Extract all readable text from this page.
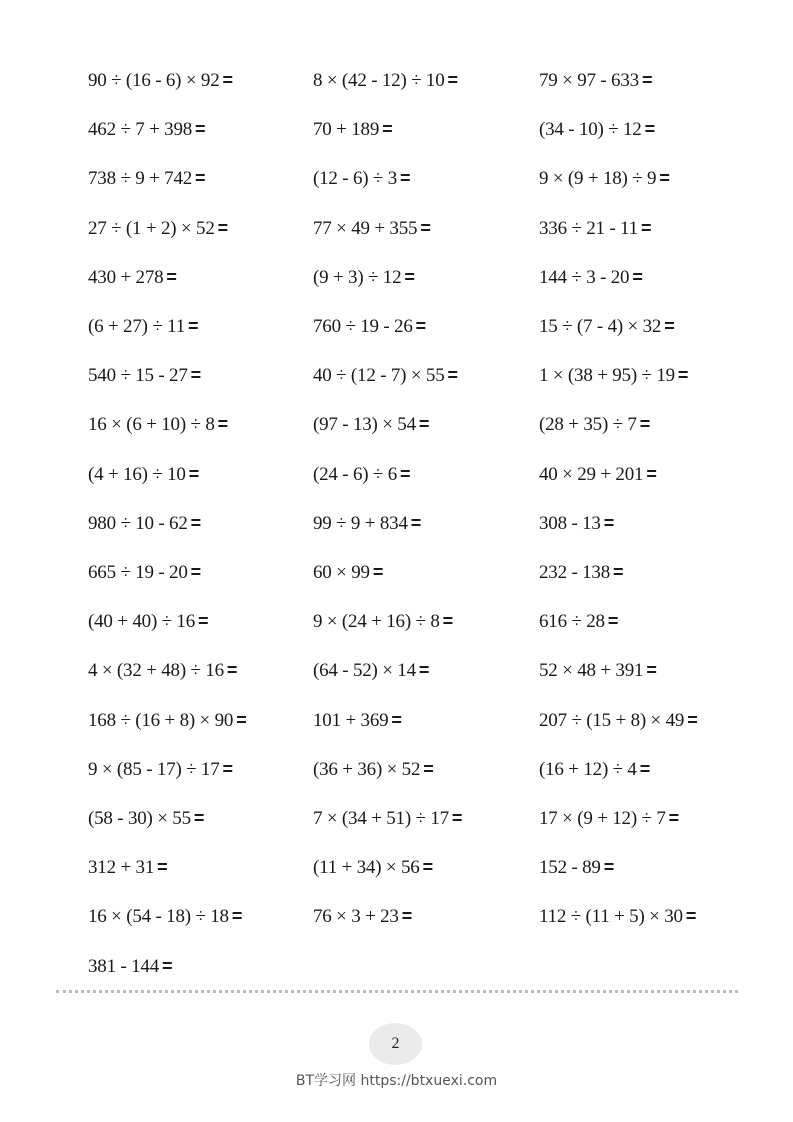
90 ÷ (16 - 6) × 92 =
462 ÷ 7 + 398 =
738 ÷ 9 + 742 =
27 ÷ (1 + 2) × 52 =
430 + 278 =
(6 + 27) ÷ 11 =
540 ÷ 15 - 27 =
16 × (6 + 10) ÷ 8 =
(4 + 16) ÷ 10 =
980 ÷ 10 - 62 =
665 ÷ 19 - 20 =
(40 + 40) ÷ 16 =
4 × (32 + 48) ÷ 16 =
168 ÷ (16 + 8) × 90 =
9 × (85 - 17) ÷ 17 =
(58 - 30) × 55 =
312 + 31 =
16 × (54 - 18) ÷ 18 =
381 - 144 =
8 × (42 - 12) ÷ 10 =
70 + 189 =
(12 - 6) ÷ 3 =
77 × 49 + 355 =
(9 + 3) ÷ 12 =
760 ÷ 19 - 26 =
40 ÷ (12 - 7) × 55 =
(97 - 13) × 54 =
(24 - 6) ÷ 6 =
99 ÷ 9 + 834 =
60 × 99 =
9 × (24 + 16) ÷ 8 =
(64 - 52) × 14 =
101 + 369 =
(36 + 36) × 52 =
7 × (34 + 51) ÷ 17 =
(11 + 34) × 56 =
76 × 3 + 23 =
79 × 97 - 633 =
(34 - 10) ÷ 12 =
9 × (9 + 18) ÷ 9 =
336 ÷ 21 - 11 =
144 ÷ 3 - 20 =
15 ÷ (7 - 4) × 32 =
1 × (38 + 95) ÷ 19 =
(28 + 35) ÷ 7 =
40 × 29 + 201 =
308 - 13 =
232 - 138 =
616 ÷ 28 =
52 × 48 + 391 =
207 ÷ (15 + 8) × 49 =
(16 + 12) ÷ 4 =
17 × (9 + 12) ÷ 7 =
152 - 89 =
112 ÷ (11 + 5) × 30 =
2
BT学习网 https://btxuexi.com
